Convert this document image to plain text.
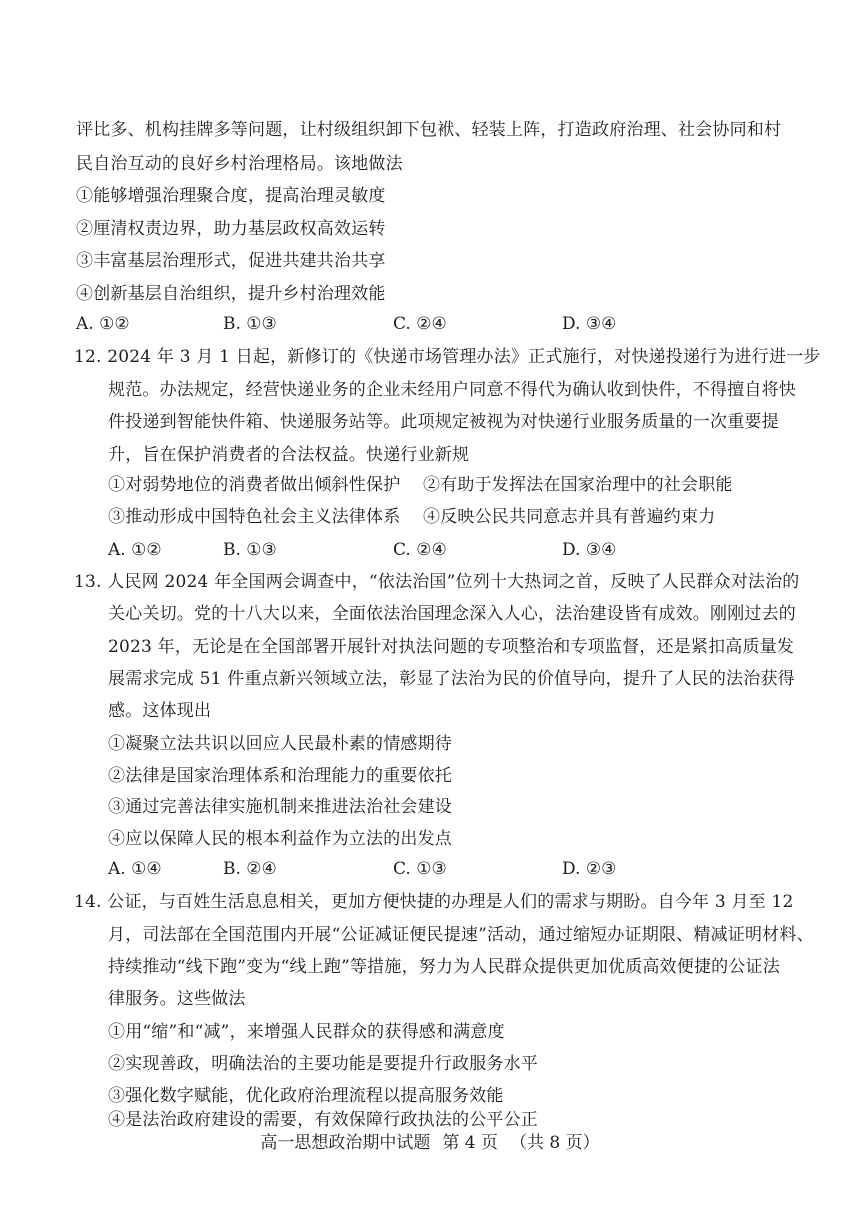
评比多、机构挂牌多等问题，让村级组织卸下包袱、轻装上阵，打造政府治理、社会协同和村
民自治互动的良好乡村治理格局。该地做法
①能够增强治理聚合度，提高治理灵敏度
②厘清权责边界，助力基层政权高效运转
③丰富基层治理形式，促进共建共治共享
④创新基层自治组织，提升乡村治理效能
A. ①②	B. ①③	C. ②④	D. ③④
12. 2024 年 3 月 1 日起，新修订的《快递市场管理办法》正式施行，对快递投递行为进行进一步
规范。办法规定，经营快递业务的企业未经用户同意不得代为确认收到快件，不得擅自将快
件投递到智能快件箱、快递服务站等。此项规定被视为对快递行业服务质量的一次重要提
升，旨在保护消费者的合法权益。快递行业新规
①对弱势地位的消费者做出倾斜性保护 ②有助于发挥法在国家治理中的社会职能
③推动形成中国特色社会主义法律体系 ④反映公民共同意志并具有普遍约束力
A. ①②	B. ①③	C. ②④	D. ③④
13. 人民网 2024 年全国两会调查中，“依法治国”位列十大热词之首，反映了人民群众对法治的
关心关切。党的十八大以来，全面依法治国理念深入人心，法治建设皆有成效。刚刚过去的
2023 年，无论是在全国部署开展针对执法问题的专项整治和专项监督，还是紧扣高质量发
展需求完成 51 件重点新兴领域立法，彰显了法治为民的价值导向，提升了人民的法治获得
感。这体现出
①凝聚立法共识以回应人民最朴素的情感期待
②法律是国家治理体系和治理能力的重要依托
③通过完善法律实施机制来推进法治社会建设
④应以保障人民的根本利益作为立法的出发点
A. ①④	B. ②④	C. ①③	D. ②③
14. 公证，与百姓生活息息相关，更加方便快捷的办理是人们的需求与期盼。自今年 3 月至 12
月，司法部在全国范围内开展“公证减证便民提速”活动，通过缩短办证期限、精减证明材料、
持续推动“线下跑”变为“线上跑”等措施，努力为人民群众提供更加优质高效便捷的公证法
律服务。这些做法
①用“缩”和“减”，来增强人民群众的获得感和满意度
②实现善政，明确法治的主要功能是要提升行政服务水平
③强化数字赋能，优化政府治理流程以提高服务效能
④是法治政府建设的需要，有效保障行政执法的公平公正
高一思想政治期中试题 第 4 页 （共 8 页）
